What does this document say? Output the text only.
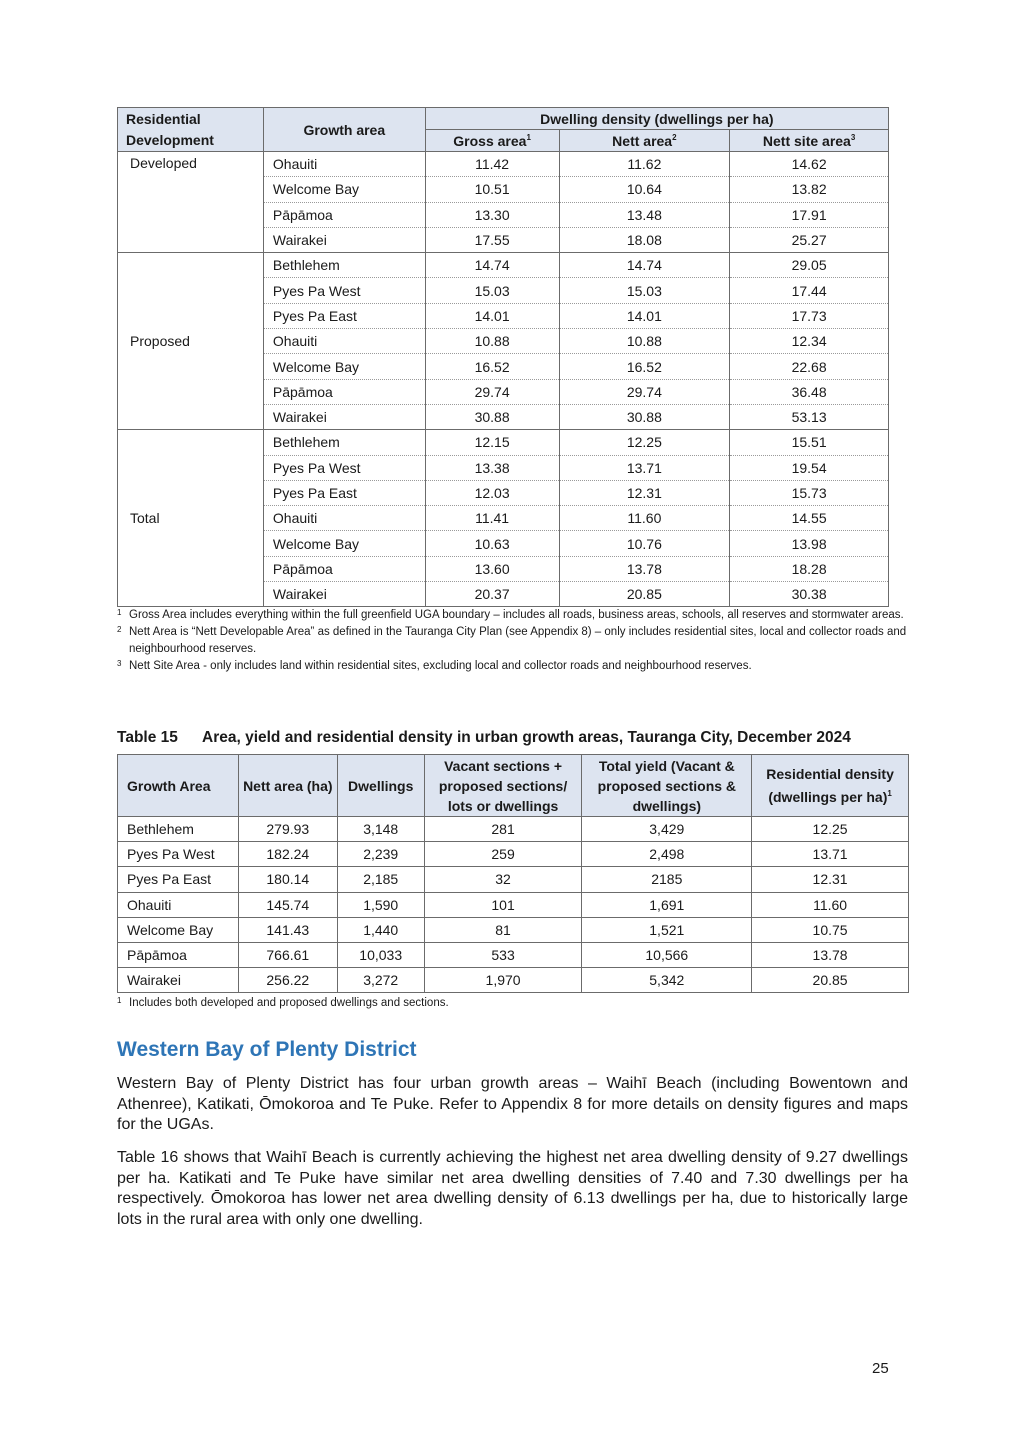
Residential Development	Growth area	Dwelling density (dwellings per ha)		
		Gross area$^1$	Nett area$^2$	Nett site area$^3$
Developed	Ohauiti	11.42	11.62	14.62
	Welcome Bay	10.51	10.64	13.82
	Pāpāmoa	13.30	13.48	17.91
	Wairakei	17.55	18.08	25.27
Proposed	Bethlehem	14.74	14.74	29.05
	Pyes Pa West	15.03	15.03	17.44
	Pyes Pa East	14.01	14.01	17.73
	Ohauiti	10.88	10.88	12.34
	Welcome Bay	16.52	16.52	22.68
	Pāpāmoa	29.74	29.74	36.48
	Wairakei	30.88	30.88	53.13
Total	Bethlehem	12.15	12.25	15.51
	Pyes Pa West	13.38	13.71	19.54
	Pyes Pa East	12.03	12.31	15.73
	Ohauiti	11.41	11.60	14.55
	Welcome Bay	10.63	10.76	13.98
	Pāpāmoa	13.60	13.78	18.28
	Wairakei	20.37	20.85	30.38
1 Gross Area includes everything within the full greenfield UGA boundary – includes all roads, business areas, schools, all reserves and stormwater areas.
2 Nett Area is “Nett Developable Area” as defined in the Tauranga City Plan (see Appendix 8) – only includes residential sites, local and collector roads and neighbourhood reserves.
3 Nett Site Area - only includes land within residential sites, excluding local and collector roads and neighbourhood reserves.
Table 15 Area, yield and residential density in urban growth areas, Tauranga City, December 2024
Growth Area	Nett area (ha)	Dwellings	Vacant sections + proposed sections/ lots or dwellings	Total yield (Vacant & proposed sections & dwellings)	Residential density (dwellings per ha)$^1$
Bethlehem	279.93	3,148	281	3,429	12.25
Pyes Pa West	182.24	2,239	259	2,498	13.71
Pyes Pa East	180.14	2,185	32	2185	12.31
Ohauiti	145.74	1,590	101	1,691	11.60
Welcome Bay	141.43	1,440	81	1,521	10.75
Pāpāmoa	766.61	10,033	533	10,566	13.78
Wairakei	256.22	3,272	1,970	5,342	20.85
1 Includes both developed and proposed dwellings and sections.
Western Bay of Plenty District

Western Bay of Plenty District has four urban growth areas – Waihī Beach (including Bowentown and Athenree), Katikati, Ōmokoroa and Te Puke. Refer to Appendix 8 for more details on density figures and maps for the UGAs.

Table 16 shows that Waihī Beach is currently achieving the highest net area dwelling density of 9.27 dwellings per ha. Katikati and Te Puke have similar net area dwelling densities of 7.40 and 7.30 dwellings per ha respectively. Ōmokoroa has lower net area dwelling density of 6.13 dwellings per ha, due to historically large lots in the rural area with only one dwelling.

25
